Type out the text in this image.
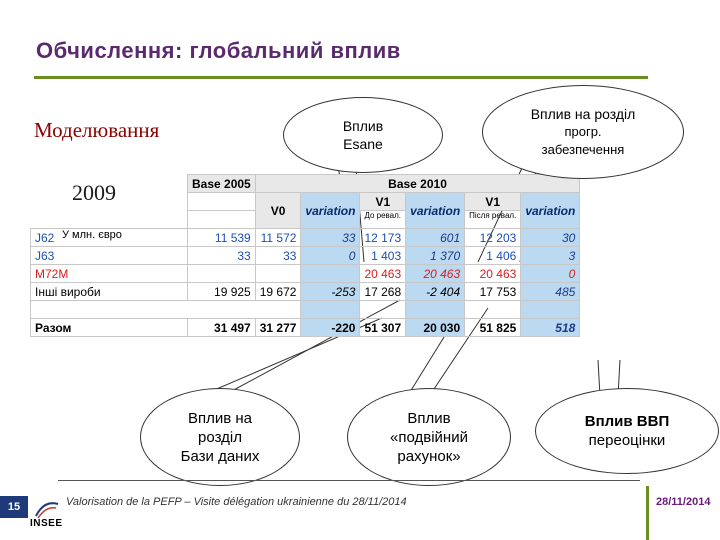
Обчислення: глобальний вплив
Моделювання
2009
У млн. євро
	Base 2005	Base 2010					
		V0	variation	V1	variation	V1	variation
				До ревал.		Після ревал.	
J62	11 539	11 572	33	12 173	601	12 203	30
J63	33	33	0	1 403	1 370	1 406	3
M72M				20 463	20 463	20 463	0
Інші вироби	19 925	19 672	-253	17 268	-2 404	17 753	485

Разом	31 497	31 277	-220	51 307	20 030	51 825	518
Вплив
Esane
Вплив на розділ
прогр.
забезпечення
Вплив на
розділ
Бази даних
Вплив
«подвійний
рахунок»
Вплив ВВП
переоцінки
15
INSEE
Valorisation de la PEFP – Visite délégation ukrainienne du 28/11/2014	28/11/2014
